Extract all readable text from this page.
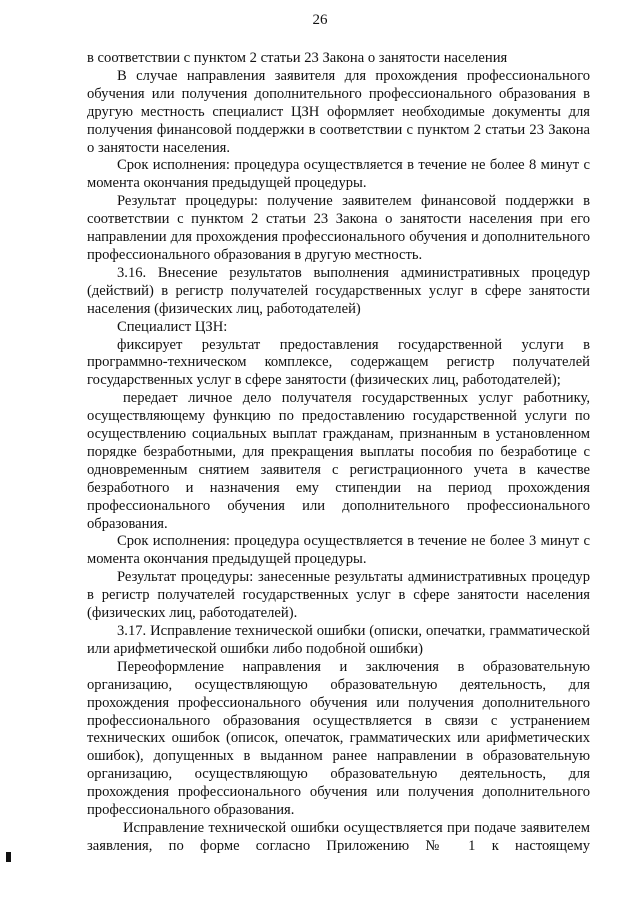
26

в соответствии с пунктом 2 статьи 23 Закона о занятости населения

В случае направления заявителя для прохождения профессионального обучения или получения дополнительного профессионального образования в другую местность специалист ЦЗН оформляет необходимые документы для получения финансовой поддержки в соответствии с пунктом 2 статьи 23 Закона о занятости населения.

Срок исполнения: процедура осуществляется в течение не более 8 минут с момента окончания предыдущей процедуры.

Результат процедуры: получение заявителем финансовой поддержки в соответствии с пунктом 2 статьи 23 Закона о занятости населения при его направлении для прохождения профессионального обучения и дополнительного профессионального образования в другую местность.

3.16. Внесение результатов выполнения административных процедур (действий) в регистр получателей государственных услуг в сфере занятости населения (физических лиц, работодателей)

Специалист ЦЗН:

фиксирует результат предоставления государственной услуги в программно-техническом комплексе, содержащем регистр получателей государственных услуг в сфере занятости (физических лиц, работодателей);

передает личное дело получателя государственных услуг работнику, осуществляющему функцию по предоставлению государственной услуги по осуществлению социальных выплат гражданам, признанным в установленном порядке безработными, для прекращения выплаты пособия по безработице с одновременным снятием заявителя с регистрационного учета в качестве безработного и назначения ему стипендии на период прохождения профессионального обучения или дополнительного профессионального образования.

Срок исполнения: процедура осуществляется в течение не более 3 минут с момента окончания предыдущей процедуры.

Результат процедуры: занесенные результаты административных процедур в регистр получателей государственных услуг в сфере занятости населения (физических лиц, работодателей).

3.17. Исправление технической ошибки (описки, опечатки, грамматической или арифметической ошибки либо подобной ошибки)

Переоформление направления и заключения в образовательную организацию, осуществляющую образовательную деятельность, для прохождения профессионального обучения или получения дополнительного профессионального образования осуществляется в связи с устранением технических ошибок (описок, опечаток, грамматических или арифметических ошибок), допущенных в выданном ранее направлении в образовательную организацию, осуществляющую образовательную деятельность, для прохождения профессионального обучения или получения дополнительного профессионального образования.

Исправление технической ошибки осуществляется при подаче заявителем заявления, по форме согласно Приложению № 1 к настоящему
